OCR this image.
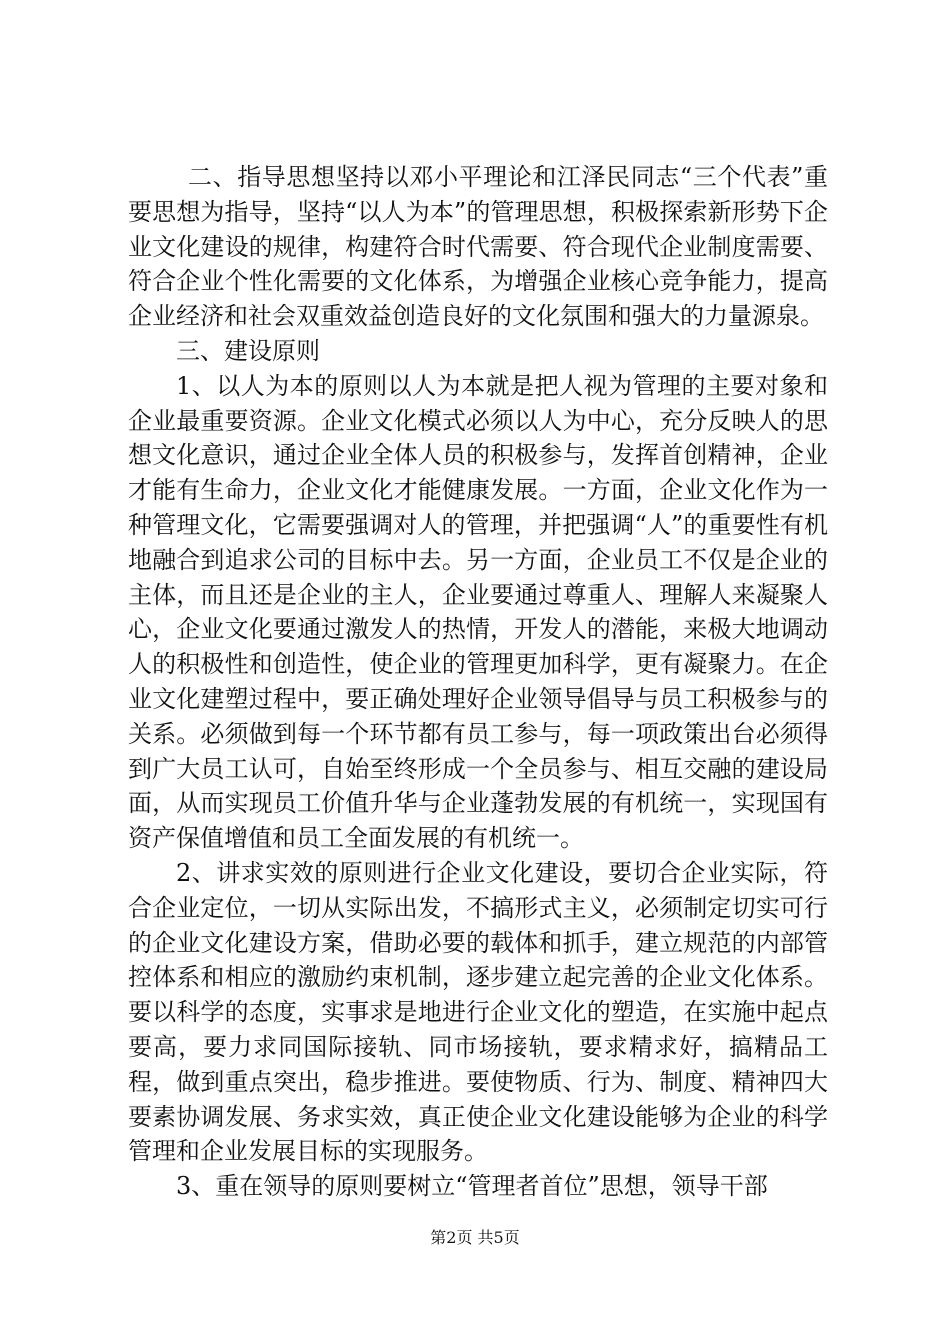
二、指导思想坚持以邓小平理论和江泽民同志“三个代表”重要思想为指导，坚持“以人为本”的管理思想，积极探索新形势下企业文化建设的规律，构建符合时代需要、符合现代企业制度需要、符合企业个性化需要的文化体系，为增强企业核心竞争能力，提高企业经济和社会双重效益创造良好的文化氛围和强大的力量源泉。

三、建设原则

1、以人为本的原则以人为本就是把人视为管理的主要对象和企业最重要资源。企业文化模式必须以人为中心，充分反映人的思想文化意识，通过企业全体人员的积极参与，发挥首创精神，企业才能有生命力，企业文化才能健康发展。一方面，企业文化作为一种管理文化，它需要强调对人的管理，并把强调“人”的重要性有机地融合到追求公司的目标中去。另一方面，企业员工不仅是企业的主体，而且还是企业的主人，企业要通过尊重人、理解人来凝聚人心，企业文化要通过激发人的热情，开发人的潜能，来极大地调动人的积极性和创造性，使企业的管理更加科学，更有凝聚力。在企业文化建塑过程中，要正确处理好企业领导倡导与员工积极参与的关系。必须做到每一个环节都有员工参与，每一项政策出台必须得到广大员工认可，自始至终形成一个全员参与、相互交融的建设局面，从而实现员工价值升华与企业蓬勃发展的有机统一，实现国有资产保值增值和员工全面发展的有机统一。

2、讲求实效的原则进行企业文化建设，要切合企业实际，符合企业定位，一切从实际出发，不搞形式主义，必须制定切实可行的企业文化建设方案，借助必要的载体和抓手，建立规范的内部管控体系和相应的激励约束机制，逐步建立起完善的企业文化体系。要以科学的态度，实事求是地进行企业文化的塑造，在实施中起点要高，要力求同国际接轨、同市场接轨，要求精求好，搞精品工程，做到重点突出，稳步推进。要使物质、行为、制度、精神四大要素协调发展、务求实效，真正使企业文化建设能够为企业的科学管理和企业发展目标的实现服务。

3、重在领导的原则要树立“管理者首位”思想，领导干部

第2页 共5页
